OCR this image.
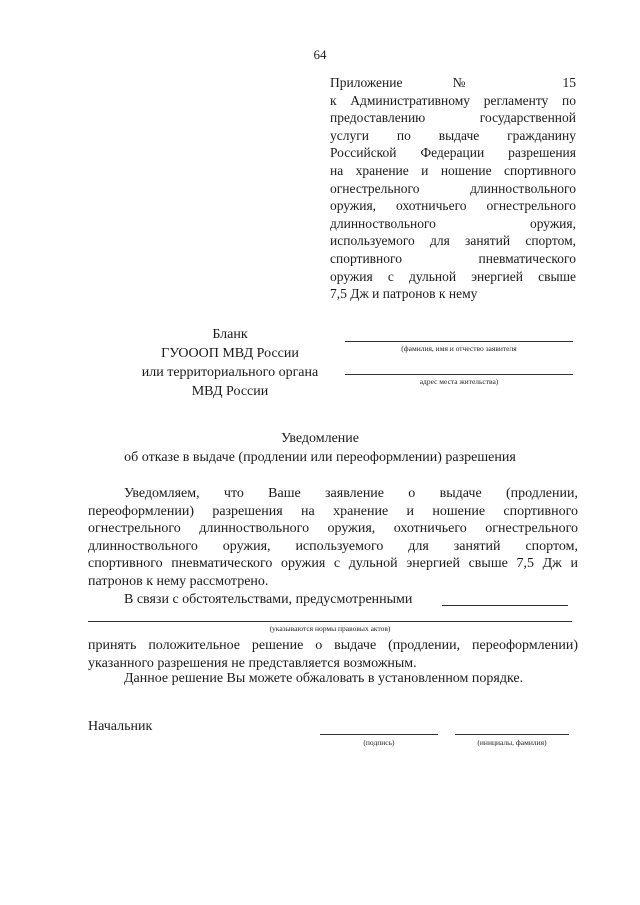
64
Приложение № 15
к Административному регламенту по
предоставлению государственной
услуги по выдаче гражданину
Российской Федерации разрешения
на хранение и ношение спортивного
огнестрельного длинноствольного
оружия, охотничьего огнестрельного
длинноствольного оружия,
используемого для занятий спортом,
спортивного пневматического
оружия с дульной энергией свыше
7,5 Дж и патронов к нему
Бланк
ГУОООП МВД России
или территориального органа
МВД России
(фамилия, имя и отчество заявителя
адрес места жительства)
Уведомление
об отказе в выдаче (продлении или переоформлении) разрешения
Уведомляем, что Ваше заявление о выдаче (продлении,
переоформлении) разрешения на хранение и ношение спортивного
огнестрельного длинноствольного оружия, охотничьего огнестрельного
длинноствольного оружия, используемого для занятий спортом,
спортивного пневматического оружия с дульной энергией свыше 7,5 Дж и
патронов к нему рассмотрено.
В связи с обстоятельствами, предусмотренными
(указываются нормы правовых актов)
принять положительное решение о выдаче (продлении, переоформлении)
указанного разрешения не представляется возможным.
Данное решение Вы можете обжаловать в установленном порядке.
Начальник
(подпись)	(инициалы, фамилия)
